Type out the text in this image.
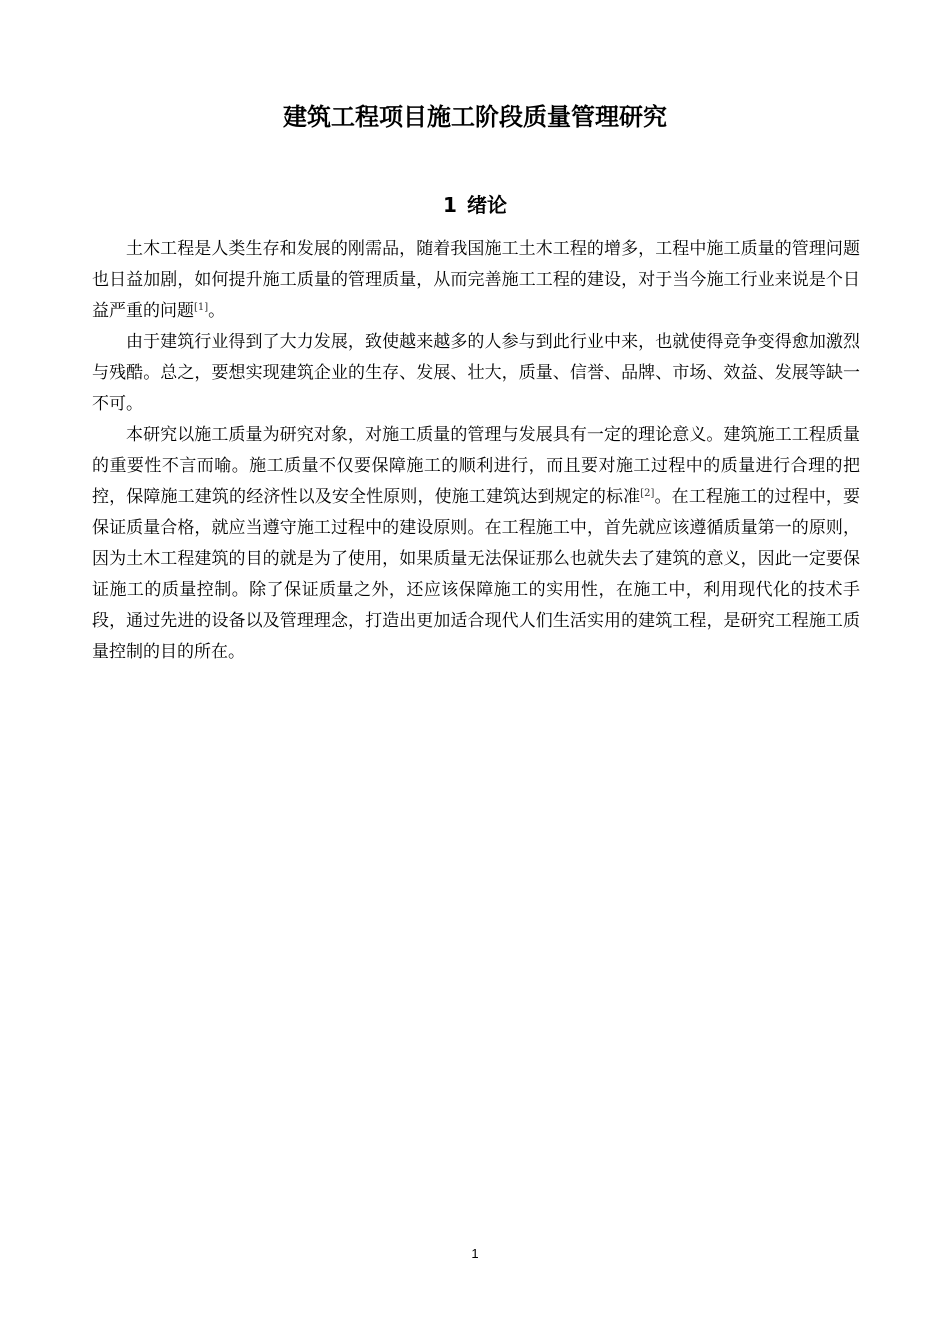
建筑工程项目施工阶段质量管理研究
1 绪论

土木工程是人类生存和发展的刚需品，随着我国施工土木工程的增多，工程中施工质量的管理问题也日益加剧，如何提升施工质量的管理质量，从而完善施工工程的建设，对于当今施工行业来说是个日益严重的问题[1]。

由于建筑行业得到了大力发展，致使越来越多的人参与到此行业中来，也就使得竞争变得愈加激烈与残酷。总之，要想实现建筑企业的生存、发展、壮大，质量、信誉、品牌、市场、效益、发展等缺一不可。

本研究以施工质量为研究对象，对施工质量的管理与发展具有一定的理论意义。建筑施工工程质量的重要性不言而喻。施工质量不仅要保障施工的顺利进行，而且要对施工过程中的质量进行合理的把控，保障施工建筑的经济性以及安全性原则，使施工建筑达到规定的标准[2]。在工程施工的过程中，要保证质量合格，就应当遵守施工过程中的建设原则。在工程施工中，首先就应该遵循质量第一的原则，因为土木工程建筑的目的就是为了使用，如果质量无法保证那么也就失去了建筑的意义，因此一定要保证施工的质量控制。除了保证质量之外，还应该保障施工的实用性，在施工中，利用现代化的技术手段，通过先进的设备以及管理理念，打造出更加适合现代人们生活实用的建筑工程，是研究工程施工质量控制的目的所在。

1
